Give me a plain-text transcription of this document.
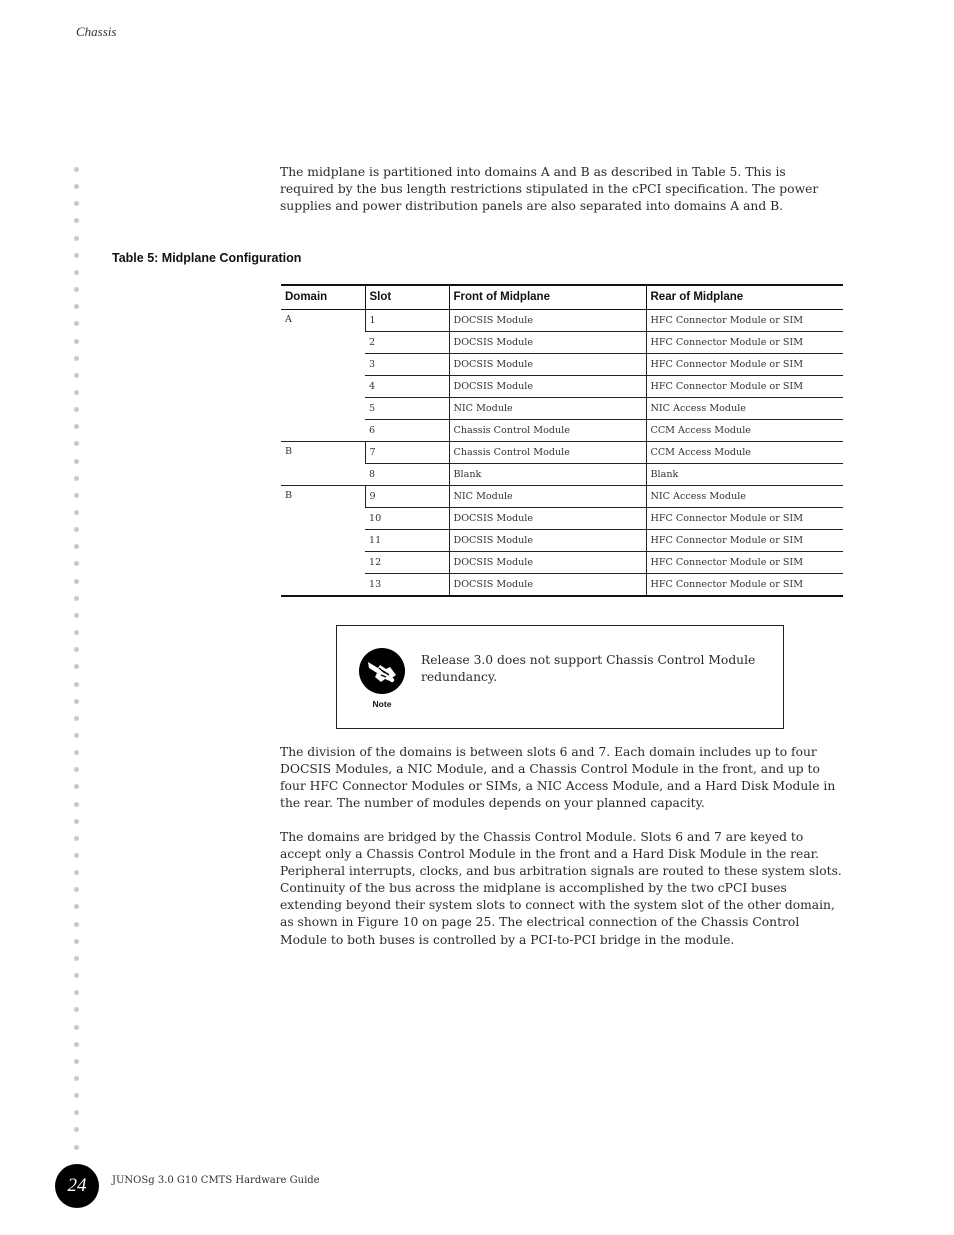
Chassis

The midplane is partitioned into domains A and B as described in Table 5. This is required by the bus length restrictions stipulated in the cPCI specification. The power supplies and power distribution panels are also separated into domains A and B.

Table 5: Midplane Configuration
Domain	Slot	Front of Midplane	Rear of Midplane
A	1	DOCSIS Module	HFC Connector Module or SIM
	2	DOCSIS Module	HFC Connector Module or SIM
	3	DOCSIS Module	HFC Connector Module or SIM
	4	DOCSIS Module	HFC Connector Module or SIM
	5	NIC Module	NIC Access Module
	6	Chassis Control Module	CCM Access Module
B	7	Chassis Control Module	CCM Access Module
	8	Blank	Blank
B	9	NIC Module	NIC Access Module
	10	DOCSIS Module	HFC Connector Module or SIM
	11	DOCSIS Module	HFC Connector Module or SIM
	12	DOCSIS Module	HFC Connector Module or SIM
	13	DOCSIS Module	HFC Connector Module or SIM
Note
Release 3.0 does not support Chassis Control Module redundancy.

The division of the domains is between slots 6 and 7. Each domain includes up to four DOCSIS Modules, a NIC Module, and a Chassis Control Module in the front, and up to four HFC Connector Modules or SIMs, a NIC Access Module, and a Hard Disk Module in the rear. The number of modules depends on your planned capacity.

The domains are bridged by the Chassis Control Module. Slots 6 and 7 are keyed to accept only a Chassis Control Module in the front and a Hard Disk Module in the rear. Peripheral interrupts, clocks, and bus arbitration signals are routed to these system slots. Continuity of the bus across the midplane is accomplished by the two cPCI buses extending beyond their system slots to connect with the system slot of the other domain, as shown in Figure 10 on page 25. The electrical connection of the Chassis Control Module to both buses is controlled by a PCI-to-PCI bridge in the module.

24	JUNOSg 3.0 G10 CMTS Hardware Guide
